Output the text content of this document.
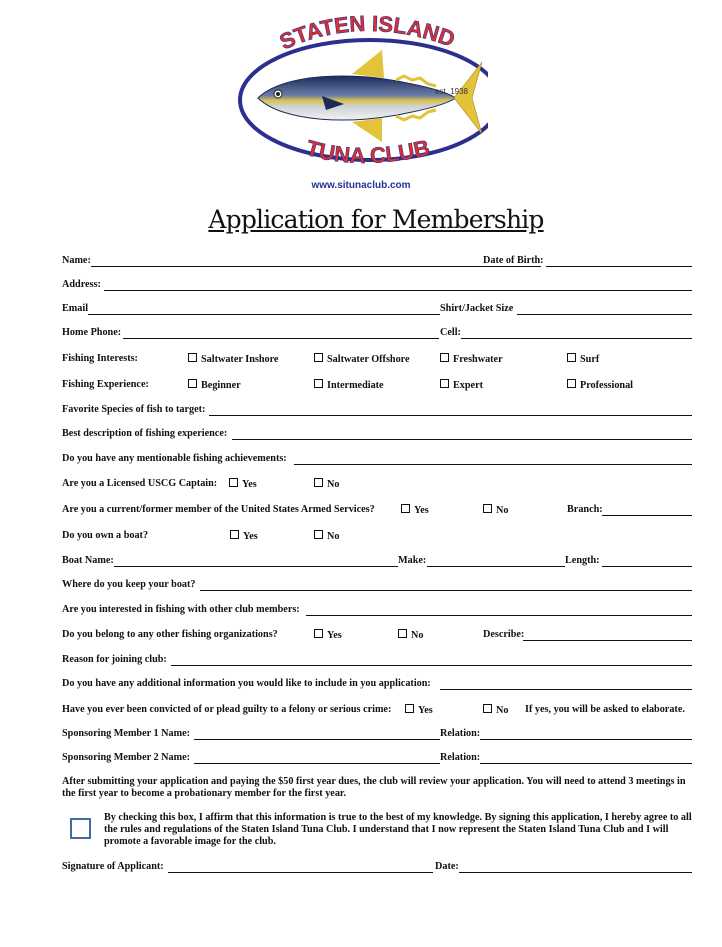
STATEN ISLAND
TUNA CLUB
est. 1938
www.situnaclub.com
Application for Membership
Name:	Date of Birth:
Address:
Email	Shirt/Jacket Size
Home Phone:	Cell:
Fishing Interests:	Saltwater Inshore	Saltwater Offshore	Freshwater	Surf
Fishing Experience:	Beginner	Intermediate	Expert	Professional
Favorite Species of fish to target:
Best description of fishing experience:
Do you have any mentionable fishing achievements:
Are you a Licensed USCG Captain:	Yes	No
Are you a current/former member of the United States Armed Services?	Yes	No	Branch:
Do you own a boat?	Yes	No
Boat Name:	Make:	Length:
Where do you keep your boat?
Are you interested in fishing with other club members:
Do you belong to any other fishing organizations?	Yes	No	Describe:
Reason for joining club:
Do you have any additional information you would like to include in you application:
Have you ever been convicted of or plead guilty to a felony or serious crime:	Yes	No If yes, you will be asked to elaborate.
Sponsoring Member 1 Name:	Relation:
Sponsoring Member 2 Name:	Relation:
After submitting your application and paying the $50 first year dues, the club will review your application. You will need to attend 3 meetings in the first year to become a probationary member for the first year.
By checking this box, I affirm that this information is true to the best of my knowledge. By signing this application, I hereby agree to all the rules and regulations of the Staten Island Tuna Club. I understand that I now represent the Staten Island Tuna Club and I will promote a favorable image for the club.
Signature of Applicant:	Date:
